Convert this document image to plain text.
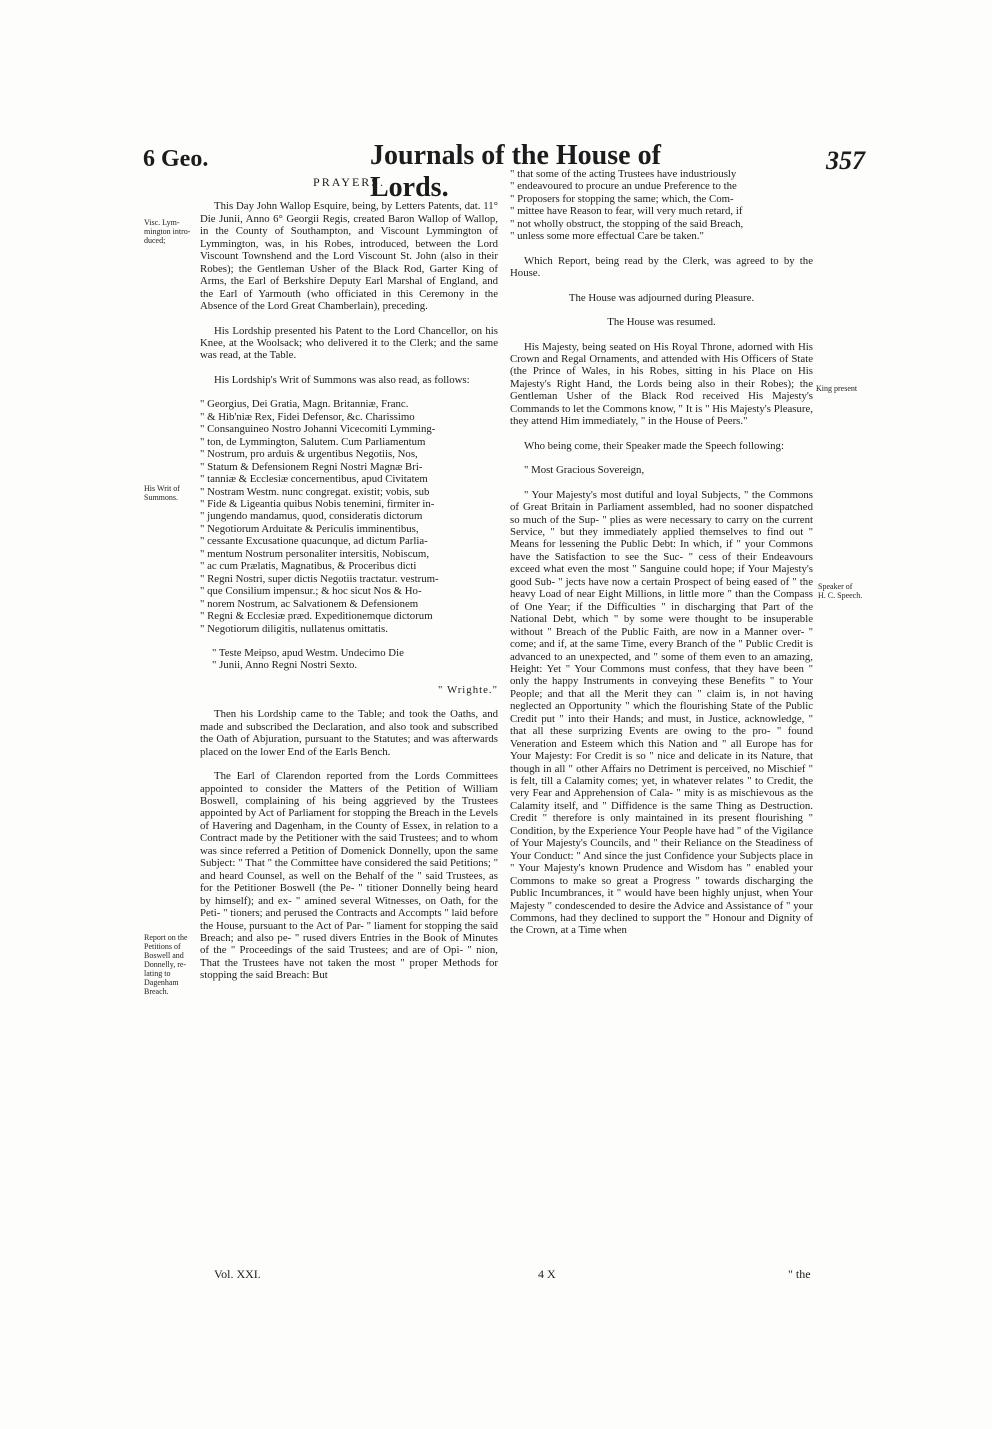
6 Geo.	Journals of the House of Lords.
357
Visc. Lym-
mington intro-
duced;
His Writ of
Summons.
Report on the
Petitions of
Boswell and
Donnelly, re-
lating to
Dagenham
Breach.
King present
Speaker of
H. C. Speech.

PRAYERS.

This Day John Wallop Esquire, being, by Letters Patents, dat. 11° Die Junii, Anno 6° Georgii Regis, created Baron Wallop of Wallop, in the County of Southampton, and Viscount Lymmington of Lymmington, was, in his Robes, introduced, between the Lord Viscount Townshend and the Lord Viscount St. John (also in their Robes); the Gentleman Usher of the Black Rod, Garter King of Arms, the Earl of Berkshire Deputy Earl Marshal of England, and the Earl of Yarmouth (who officiated in this Ceremony in the Absence of the Lord Great Chamberlain), preceding.

His Lordship presented his Patent to the Lord Chancellor, on his Knee, at the Woolsack; who delivered it to the Clerk; and the same was read, at the Table.

His Lordship's Writ of Summons was also read, as follows:

" Georgius, Dei Gratia, Magn. Britanniæ, Franc.
" & Hib'niæ Rex, Fidei Defensor, &c. Charissimo
" Consanguineo Nostro Johanni Vicecomiti Lymming-
" ton, de Lymmington, Salutem. Cum Parliamentum
" Nostrum, pro arduis & urgentibus Negotiis, Nos,
" Statum & Defensionem Regni Nostri Magnæ Bri-
" tanniæ & Ecclesiæ concernentibus, apud Civitatem
" Nostram Westm. nunc congregat. existit; vobis, sub
" Fide & Ligeantia quibus Nobis tenemini, firmiter in-
" jungendo mandamus, quod, consideratis dictorum
" Negotiorum Arduitate & Periculis imminentibus,
" cessante Excusatione quacunque, ad dictum Parlia-
" mentum Nostrum personaliter intersitis, Nobiscum,
" ac cum Prælatis, Magnatibus, & Proceribus dicti
" Regni Nostri, super dictis Negotiis tractatur. vestrum-
" que Consilium impensur.; & hoc sicut Nos & Ho-
" norem Nostrum, ac Salvationem & Defensionem
" Regni & Ecclesiæ præd. Expeditionemque dictorum
" Negotiorum diligitis, nullatenus omittatis.

" Teste Meipso, apud Westm. Undecimo Die
" Junii, Anno Regni Nostri Sexto.

" Wrighte."

Then his Lordship came to the Table; and took the Oaths, and made and subscribed the Declaration, and also took and subscribed the Oath of Abjuration, pursuant to the Statutes; and was afterwards placed on the lower End of the Earls Bench.

The Earl of Clarendon reported from the Lords Committees appointed to consider the Matters of the Petition of William Boswell, complaining of his being aggrieved by the Trustees appointed by Act of Parliament for stopping the Breach in the Levels of Havering and Dagenham, in the County of Essex, in relation to a Contract made by the Petitioner with the said Trustees; and to whom was since referred a Petition of Domenick Donnelly, upon the same Subject: " That " the Committee have considered the said Petitions; " and heard Counsel, as well on the Behalf of the " said Trustees, as for the Petitioner Boswell (the Pe- " titioner Donnelly being heard by himself); and ex- " amined several Witnesses, on Oath, for the Peti- " tioners; and perused the Contracts and Accompts " laid before the House, pursuant to the Act of Par- " liament for stopping the said Breach; and also pe- " rused divers Entries in the Book of Minutes of the " Proceedings of the said Trustees; and are of Opi- " nion, That the Trustees have not taken the most " proper Methods for stopping the said Breach: But

" that some of the acting Trustees have industriously
" endeavoured to procure an undue Preference to the
" Proposers for stopping the same; which, the Com-
" mittee have Reason to fear, will very much retard, if
" not wholly obstruct, the stopping of the said Breach,
" unless some more effectual Care be taken."

Which Report, being read by the Clerk, was agreed to by the House.

The House was adjourned during Pleasure.

The House was resumed.

His Majesty, being seated on His Royal Throne, adorned with His Crown and Regal Ornaments, and attended with His Officers of State (the Prince of Wales, in his Robes, sitting in his Place on His Majesty's Right Hand, the Lords being also in their Robes); the Gentleman Usher of the Black Rod received His Majesty's Commands to let the Commons know, " It is " His Majesty's Pleasure, they attend Him immediately, " in the House of Peers."

Who being come, their Speaker made the Speech following:

" Most Gracious Sovereign,

" Your Majesty's most dutiful and loyal Subjects, " the Commons of Great Britain in Parliament assembled, had no sooner dispatched so much of the Sup- " plies as were necessary to carry on the current Service, " but they immediately applied themselves to find out " Means for lessening the Public Debt: In which, if " your Commons have the Satisfaction to see the Suc- " cess of their Endeavours exceed what even the most " Sanguine could hope; if Your Majesty's good Sub- " jects have now a certain Prospect of being eased of " the heavy Load of near Eight Millions, in little more " than the Compass of One Year; if the Difficulties " in discharging that Part of the National Debt, which " by some were thought to be insuperable without " Breach of the Public Faith, are now in a Manner over- " come; and if, at the same Time, every Branch of the " Public Credit is advanced to an unexpected, and " some of them even to an amazing, Height: Yet " Your Commons must confess, that they have been " only the happy Instruments in conveying these Benefits " to Your People; and that all the Merit they can " claim is, in not having neglected an Opportunity " which the flourishing State of the Public Credit put " into their Hands; and must, in Justice, acknowledge, " that all these surprizing Events are owing to the pro- " found Veneration and Esteem which this Nation and " all Europe has for Your Majesty: For Credit is so " nice and delicate in its Nature, that though in all " other Affairs no Detriment is perceived, no Mischief " is felt, till a Calamity comes; yet, in whatever relates " to Credit, the very Fear and Apprehension of Cala- " mity is as mischievous as the Calamity itself, and " Diffidence is the same Thing as Destruction. Credit " therefore is only maintained in its present flourishing " Condition, by the Experience Your People have had " of the Vigilance of Your Majesty's Councils, and " their Reliance on the Steadiness of Your Conduct: " And since the just Confidence your Subjects place in " Your Majesty's known Prudence and Wisdom has " enabled your Commons to make so great a Progress " towards discharging the Public Incumbrances, it " would have been highly unjust, when Your Majesty " condescended to desire the Advice and Assistance of " your Commons, had they declined to support the " Honour and Dignity of the Crown, at a Time when

Vol. XXI.	4 X	" the
